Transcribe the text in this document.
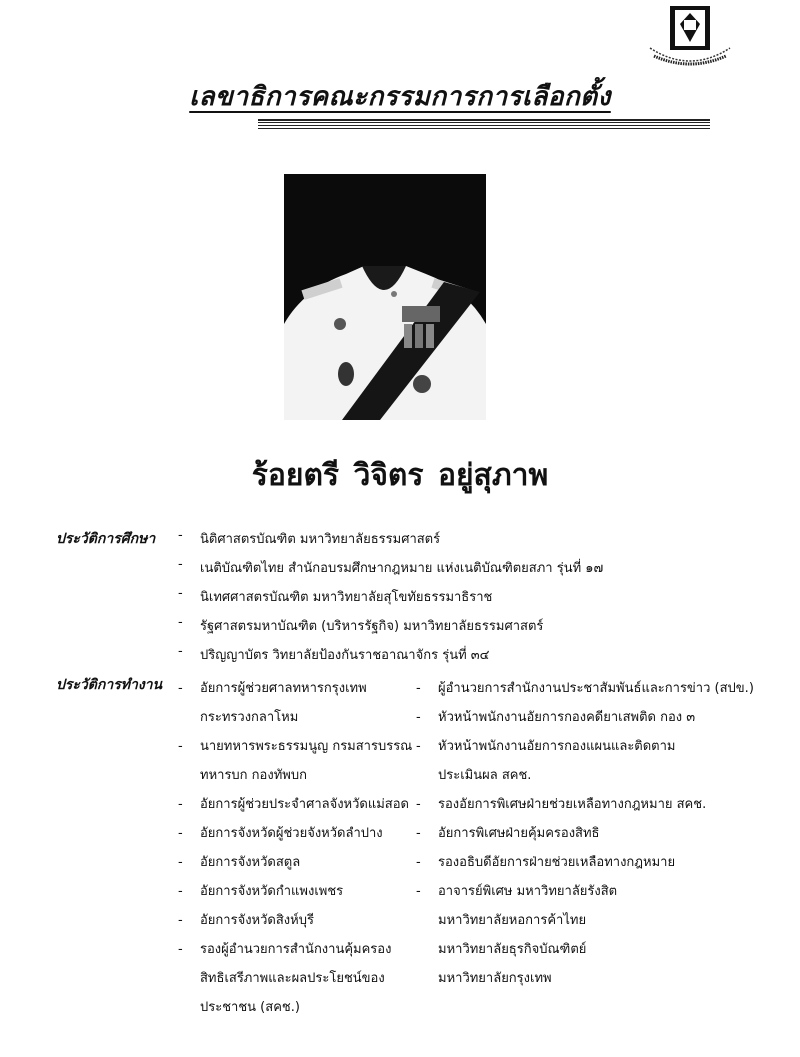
เลขาธิการคณะกรรมการการเลือกตั้ง
ร้อยตรี วิจิตร อยู่สุภาพ
ประวัติการศึกษา - นิติศาสตรบัณฑิต มหาวิทยาลัยธรรมศาสตร์
- เนติบัณฑิตไทย สำนักอบรมศึกษากฎหมาย แห่งเนติบัณฑิตยสภา รุ่นที่ ๑๗
- นิเทศศาสตรบัณฑิต มหาวิทยาลัยสุโขทัยธรรมาธิราช
- รัฐศาสตรมหาบัณฑิต (บริหารรัฐกิจ) มหาวิทยาลัยธรรมศาสตร์
- ปริญญาบัตร วิทยาลัยป้องกันราชอาณาจักร รุ่นที่ ๓๔
ประวัติการทำงาน - อัยการผู้ช่วยศาลทหารกรุงเทพ
กระทรวงกลาโหม
- นายทหารพระธรรมนูญ กรมสารบรรณ
ทหารบก กองทัพบก
- อัยการผู้ช่วยประจำศาลจังหวัดแม่สอด
- อัยการจังหวัดผู้ช่วยจังหวัดลำปาง
- อัยการจังหวัดสตูล
- อัยการจังหวัดกำแพงเพชร
- อัยการจังหวัดสิงห์บุรี
- รองผู้อำนวยการสำนักงานคุ้มครอง
สิทธิเสรีภาพและผลประโยชน์ของ
ประชาชน (สคช.)
- ผู้อำนวยการสำนักงานประชาสัมพันธ์และการข่าว (สปข.)
- หัวหน้าพนักงานอัยการกองคดียาเสพติด กอง ๓
- หัวหน้าพนักงานอัยการกองแผนและติดตาม
ประเมินผล สคช.
- รองอัยการพิเศษฝ่ายช่วยเหลือทางกฎหมาย สคช.
- อัยการพิเศษฝ่ายคุ้มครองสิทธิ
- รองอธิบดีอัยการฝ่ายช่วยเหลือทางกฎหมาย
- อาจารย์พิเศษ มหาวิทยาลัยรังสิต
มหาวิทยาลัยหอการค้าไทย
มหาวิทยาลัยธุรกิจบัณฑิตย์
มหาวิทยาลัยกรุงเทพ
